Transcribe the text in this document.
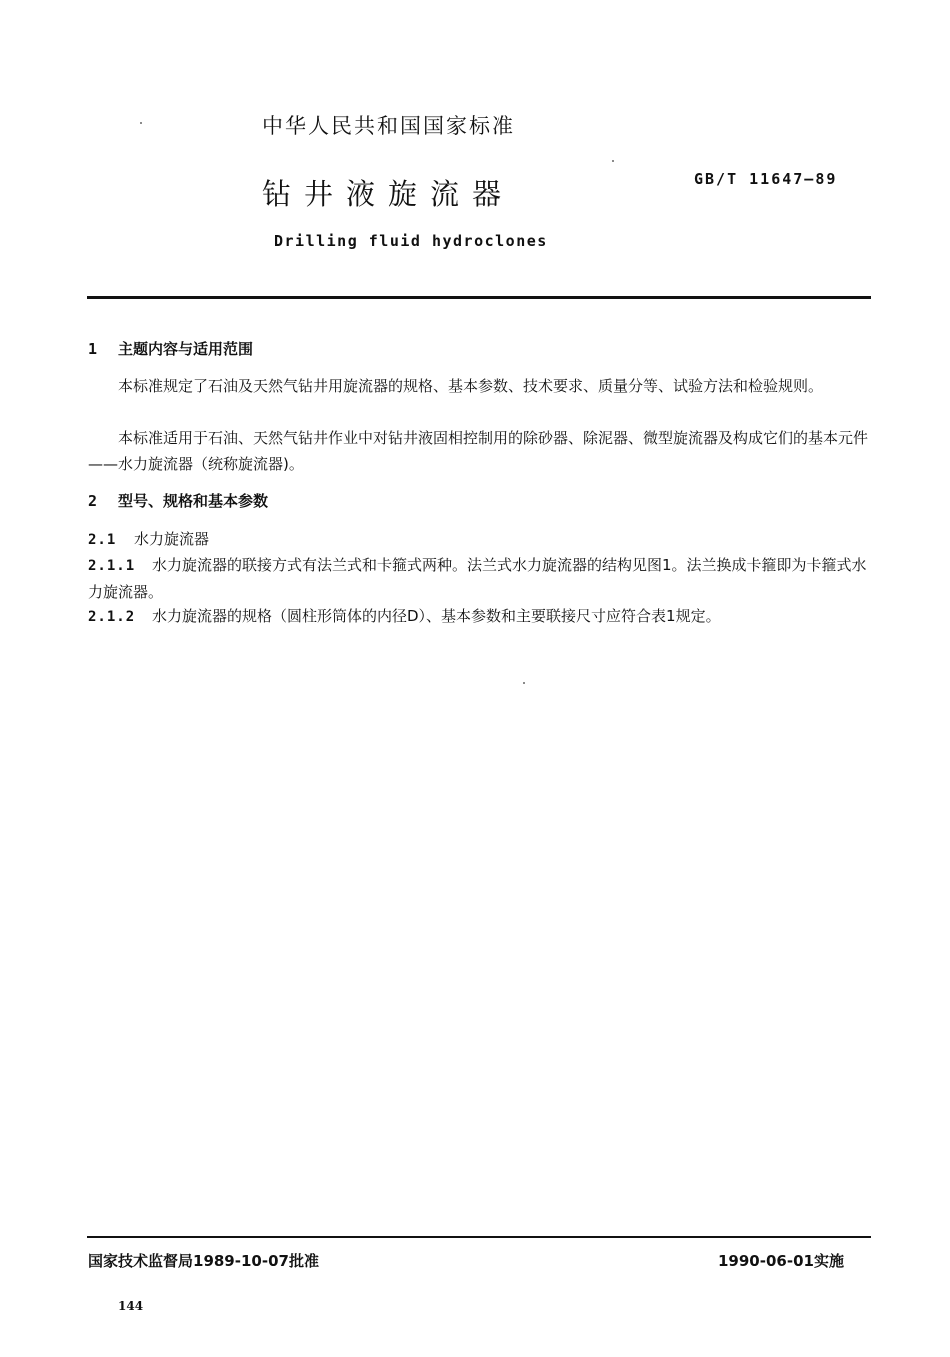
中华人民共和国国家标准
钻井液旋流器	GB/T 11647—89
Drilling fluid hydroclones
1 主题内容与适用范围
本标准规定了石油及天然气钻井用旋流器的规格、基本参数、技术要求、质量分等、试验方法和检验规则。
本标准适用于石油、天然气钻井作业中对钻井液固相控制用的除砂器、除泥器、微型旋流器及构成它们的基本元件——水力旋流器（统称旋流器)。
2 型号、规格和基本参数
2.1 水力旋流器
2.1.1 水力旋流器的联接方式有法兰式和卡箍式两种。法兰式水力旋流器的结构见图1。法兰换成卡箍即为卡箍式水力旋流器。
2.1.2 水力旋流器的规格（圆柱形筒体的内径D）、基本参数和主要联接尺寸应符合表1规定。
国家技术监督局1989-10-07批准	1990-06-01实施
144
